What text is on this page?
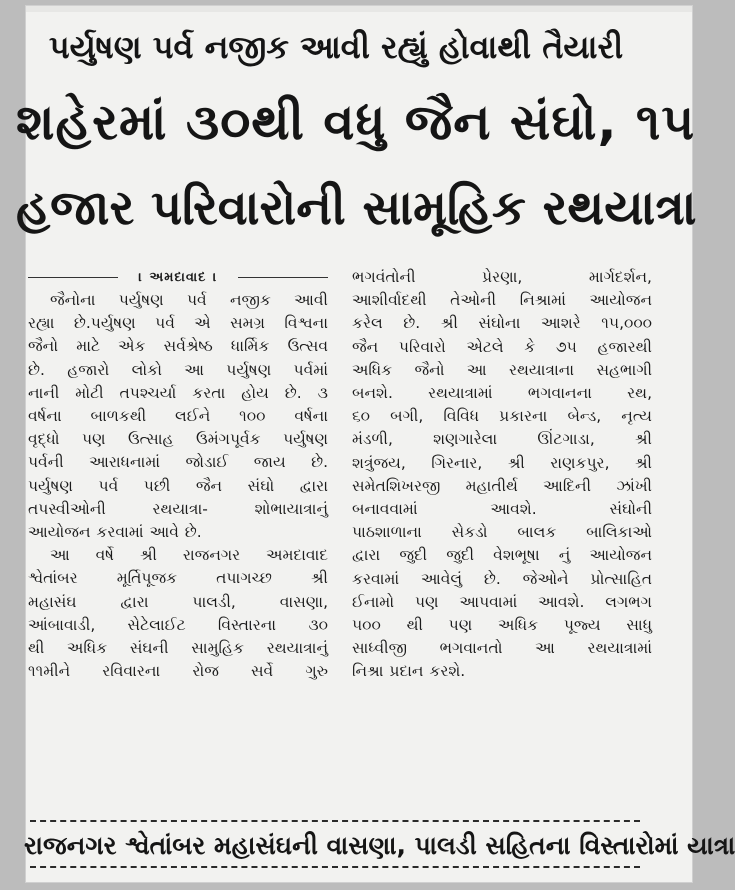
પર્યુષણ પર્વ નજીક આવી રહ્યું હોવાથી તૈયારી
શહેરમાં ૩૦થી વધુ જૈન સંઘો, ૧૫
હજાર પરિવારોની સામૂહિક રથયાત્રા
। અમદાવાદ ।
જૈનોના પર્યુષણ પર્વ નજીક આવી
રહ્યા છે.પર્યુષણ પર્વ એ સમગ્ર વિશ્વના
જૈનો માટે એક સર્વશ્રેષ્ઠ ધાર્મિક ઉત્સવ
છે. હજારો લોકો આ પર્યુષણ પર્વમાં
નાની મોટી તપશ્ચર્યા કરતા હોય છે. ૩
વર્ષના બાળકથી લઈને ૧૦૦ વર્ષના
વૃદ્ધો પણ ઉત્સાહ ઉમંગપૂર્વક પર્યુષણ
પર્વની આરાધનામાં જોડાઈ જાય છે.
પર્યુષણ પર્વ પછી જૈન સંઘો દ્વારા
તપસ્વીઓની રથયાત્રા- શોભાયાત્રાનું
આયોજન કરવામાં આવે છે.
આ વર્ષે શ્રી રાજનગર અમદાવાદ
શ્વેતાંબર મૂર્તિપૂજક તપાગચ્છ શ્રી
મહાસંઘ દ્વારા પાલડી, વાસણા,
આંબાવાડી, સેટેલાઈટ વિસ્તારના ૩૦
થી અધિક સંઘની સામુહિક રથયાત્રાનું
૧૧મીને રવિવારના રોજ સર્વે ગુરુ
ભગવંતોની પ્રેરણા, માર્ગદર્શન,
આશીર્વાદથી તેઓની નિશ્રામાં આયોજન
કરેલ છે. શ્રી સંઘોના આશરે ૧૫,૦૦૦
જૈન પરિવારો એટલે કે ૭૫ હજારથી
અધિક જૈનો આ રથયાત્રાના સહભાગી
બનશે. રથયાત્રામાં ભગવાનના રથ,
૬૦ બગી, વિવિધ પ્રકારના બેન્ડ, નૃત્ય
મંડળી, શણગારેલા ઊંટગાડા, શ્રી
શત્રુંજય, ગિરનાર, શ્રી રાણકપુર, શ્રી
સમેતશિખરજી મહાતીર્થ આદિની ઝાંખી
બનાવવામાં આવશે. સંઘોની
પાઠશાળાના સેકડો બાલક બાલિકાઓ
દ્વારા જુદી જુદી વેશભૂષા નું આયોજન
કરવામાં આવેલું છે. જેઓને પ્રોત્સાહિત
ઈનામો પણ આપવામાં આવશે. લગભગ
૫૦૦ થી પણ અધિક પૂજ્ય સાધુ
સાધ્વીજી ભગવાનતો આ રથયાત્રામાં
નિશ્રા પ્રદાન કરશે.
રાજનગર શ્વેતાંબર મહાસંઘની વાસણા, પાલડી સહિતના વિસ્તારોમાં યાત્રા
